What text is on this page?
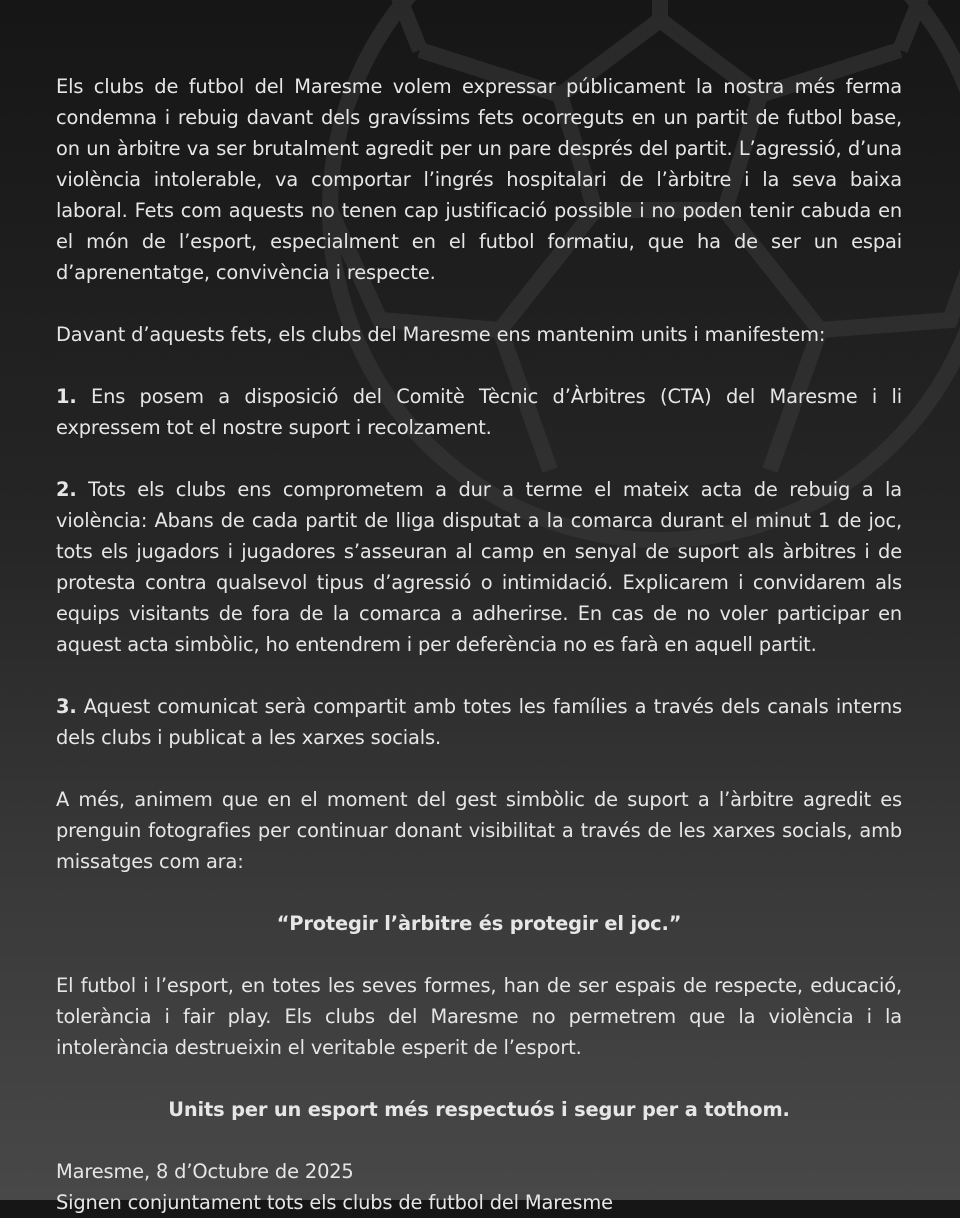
Els clubs de futbol del Maresme volem expressar públicament la nostra més ferma condemna i rebuig davant dels gravíssims fets ocorreguts en un partit de futbol base, on un àrbitre va ser brutalment agredit per un pare després del partit. L’agressió, d’una violència intolerable, va comportar l’ingrés hospitalari de l’àrbitre i la seva baixa laboral. Fets com aquests no tenen cap justificació possible i no poden tenir cabuda en el món de l’esport, especialment en el futbol formatiu, que ha de ser un espai d’aprenentatge, convivència i respecte.

Davant d’aquests fets, els clubs del Maresme ens mantenim units i manifestem:

1. Ens posem a disposició del Comitè Tècnic d’Àrbitres (CTA) del Maresme i li expressem tot el nostre suport i recolzament.

2. Tots els clubs ens comprometem a dur a terme el mateix acta de rebuig a la violència: Abans de cada partit de lliga disputat a la comarca durant el minut 1 de joc, tots els jugadors i jugadores s’asseuran al camp en senyal de suport als àrbitres i de protesta contra qualsevol tipus d’agressió o intimidació. Explicarem i convidarem als equips visitants de fora de la comarca a adherirse. En cas de no voler participar en aquest acta simbòlic, ho entendrem i per deferència no es farà en aquell partit.

3. Aquest comunicat serà compartit amb totes les famílies a través dels canals interns dels clubs i publicat a les xarxes socials.

A més, animem que en el moment del gest simbòlic de suport a l’àrbitre agredit es prenguin fotografies per continuar donant visibilitat a través de les xarxes socials, amb missatges com ara:

“Protegir l’àrbitre és protegir el joc.”

El futbol i l’esport, en totes les seves formes, han de ser espais de respecte, educació, tolerància i fair play. Els clubs del Maresme no permetrem que la violència i la intolerància destrueixin el veritable esperit de l’esport.

Units per un esport més respectuós i segur per a tothom.

Maresme, 8 d’Octubre de 2025
Signen conjuntament tots els clubs de futbol del Maresme
